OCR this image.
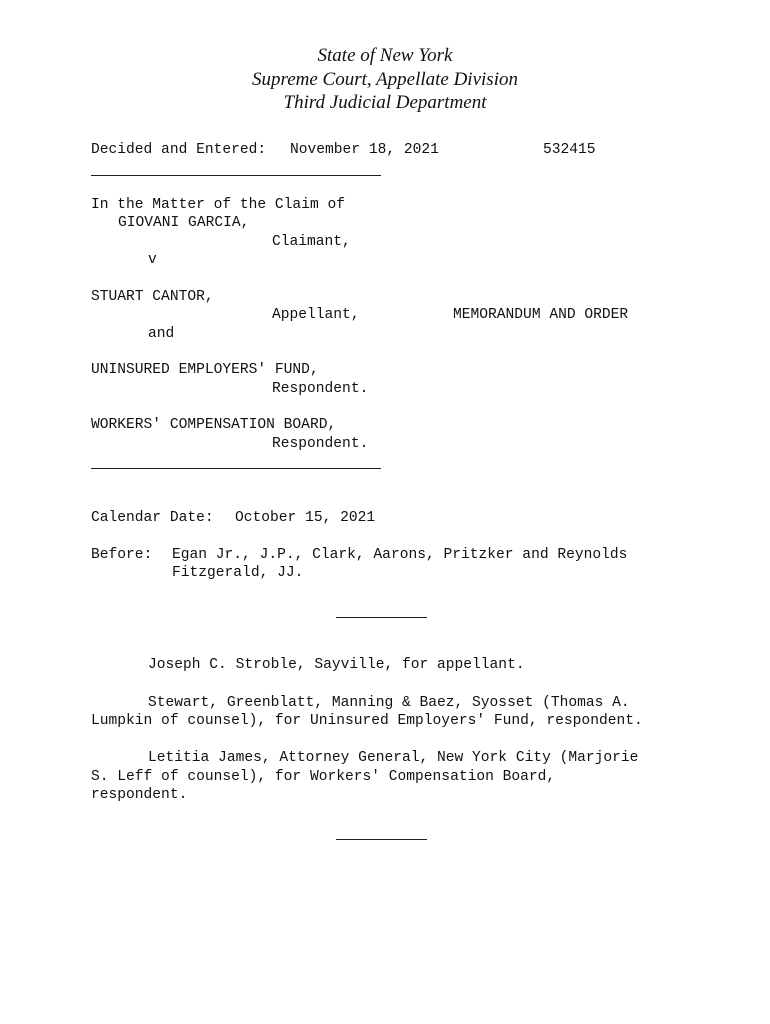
State of New York
Supreme Court, Appellate Division
Third Judicial Department
Decided and Entered: November 18, 2021	532415
In the Matter of the Claim of
GIOVANI GARCIA,
Claimant,
v
STUART CANTOR,
Appellant,	MEMORANDUM AND ORDER
and
UNINSURED EMPLOYERS' FUND,
Respondent.
WORKERS' COMPENSATION BOARD,
Respondent.
Calendar Date: October 15, 2021
Before: Egan Jr., J.P., Clark, Aarons, Pritzker and Reynolds
Fitzgerald, JJ.
Joseph C. Stroble, Sayville, for appellant.
Stewart, Greenblatt, Manning & Baez, Syosset (Thomas A.
Lumpkin of counsel), for Uninsured Employers' Fund, respondent.
Letitia James, Attorney General, New York City (Marjorie
S. Leff of counsel), for Workers' Compensation Board,
respondent.
